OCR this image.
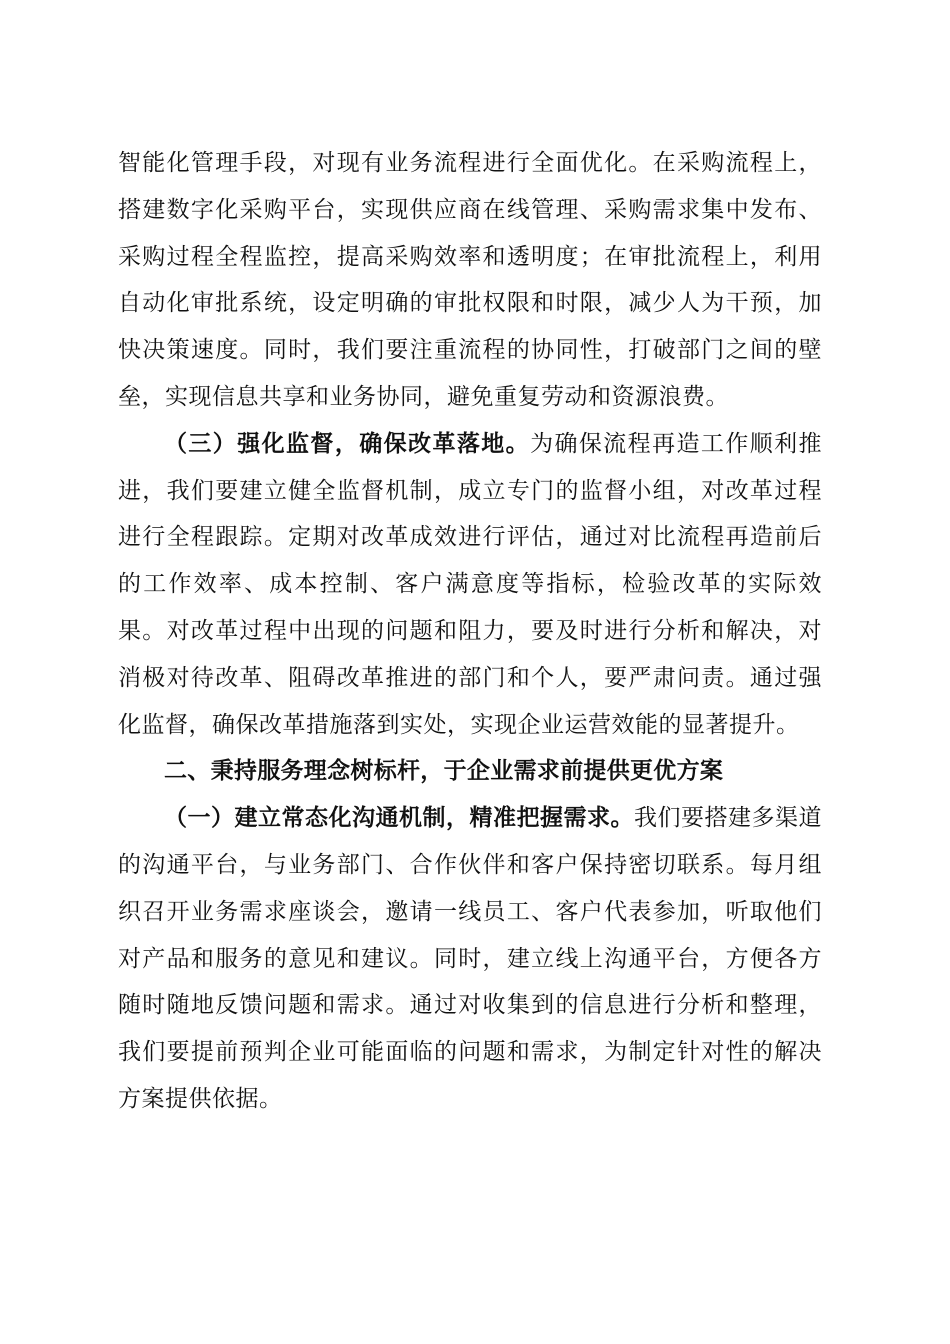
智能化管理手段，对现有业务流程进行全面优化。在采购流程上，搭建数字化采购平台，实现供应商在线管理、采购需求集中发布、采购过程全程监控，提高采购效率和透明度；在审批流程上，利用自动化审批系统，设定明确的审批权限和时限，减少人为干预，加快决策速度。同时，我们要注重流程的协同性，打破部门之间的壁垒，实现信息共享和业务协同，避免重复劳动和资源浪费。

（三）强化监督，确保改革落地。为确保流程再造工作顺利推进，我们要建立健全监督机制，成立专门的监督小组，对改革过程进行全程跟踪。定期对改革成效进行评估，通过对比流程再造前后的工作效率、成本控制、客户满意度等指标，检验改革的实际效果。对改革过程中出现的问题和阻力，要及时进行分析和解决，对消极对待改革、阻碍改革推进的部门和个人，要严肃问责。通过强化监督，确保改革措施落到实处，实现企业运营效能的显著提升。

二、秉持服务理念树标杆，于企业需求前提供更优方案

（一）建立常态化沟通机制，精准把握需求。我们要搭建多渠道的沟通平台，与业务部门、合作伙伴和客户保持密切联系。每月组织召开业务需求座谈会，邀请一线员工、客户代表参加，听取他们对产品和服务的意见和建议。同时，建立线上沟通平台，方便各方随时随地反馈问题和需求。通过对收集到的信息进行分析和整理，我们要提前预判企业可能面临的问题和需求，为制定针对性的解决方案提供依据。
